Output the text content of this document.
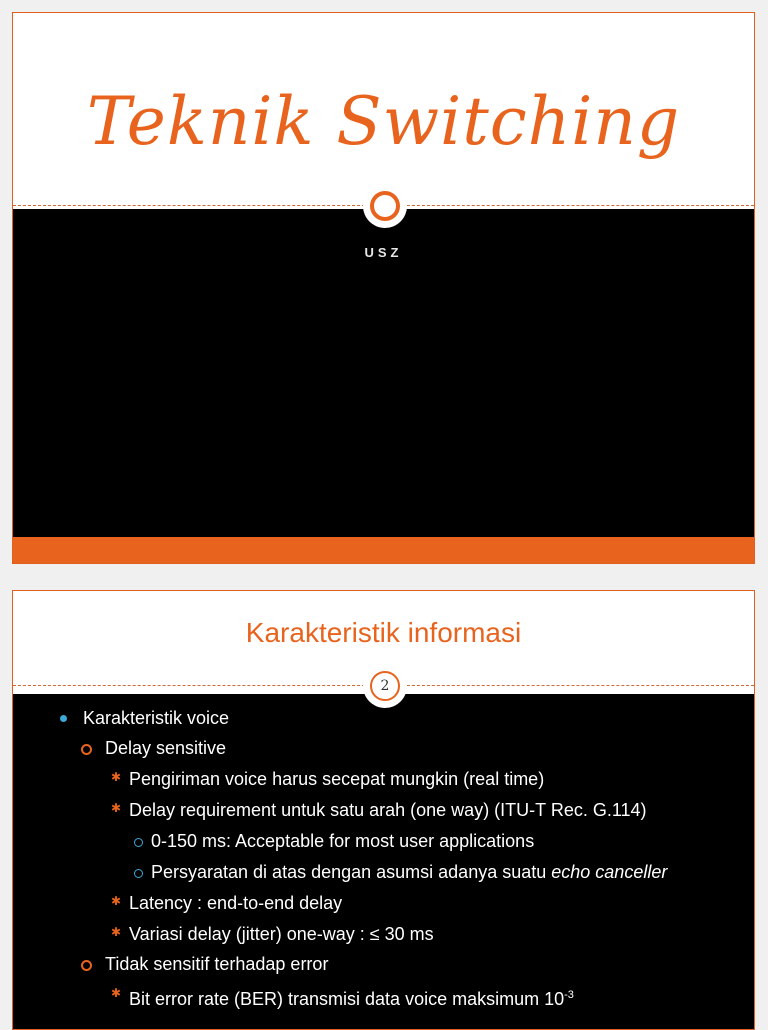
Teknik Switching
USZ
Karakteristik informasi
2
Karakteristik voice
Delay sensitive
✱ Pengiriman voice harus secepat mungkin (real time)
✱ Delay requirement untuk satu arah (one way) (ITU-T Rec. G.114)
0-150 ms: Acceptable for most user applications
Persyaratan di atas dengan asumsi adanya suatu echo canceller
✱ Latency : end-to-end delay
✱ Variasi delay (jitter) one-way : ≤ 30 ms
Tidak sensitif terhadap error
✱ Bit error rate (BER) transmisi data voice maksimum $10^{-3}$
